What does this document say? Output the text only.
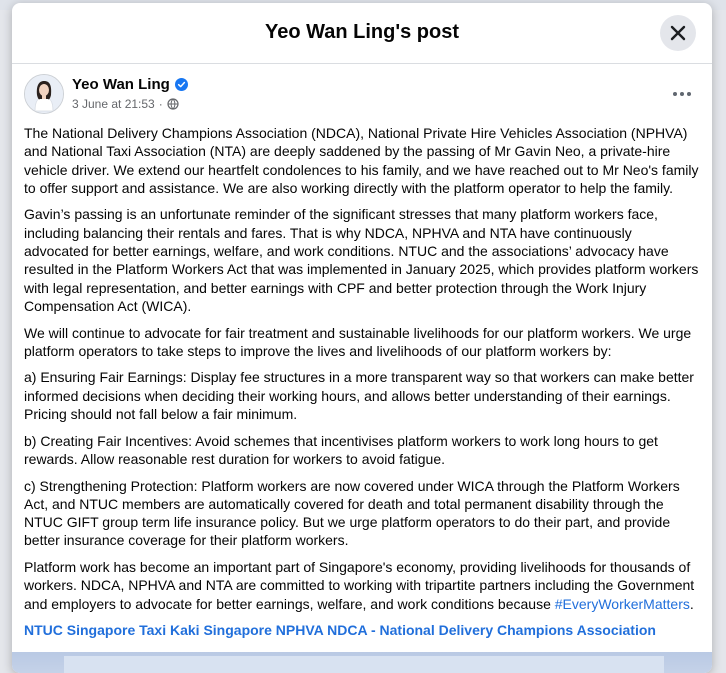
Yeo Wan Ling's post
Yeo Wan Ling
3 June at 21:53 ·

The National Delivery Champions Association (NDCA), National Private Hire Vehicles Association (NPHVA) and National Taxi Association (NTA) are deeply saddened by the passing of Mr Gavin Neo, a private-hire vehicle driver. We extend our heartfelt condolences to his family, and we have reached out to Mr Neo's family to offer support and assistance. We are also working directly with the platform operator to help the family.

Gavin’s passing is an unfortunate reminder of the significant stresses that many platform workers face, including balancing their rentals and fares. That is why NDCA, NPHVA and NTA have continuously advocated for better earnings, welfare, and work conditions. NTUC and the associations’ advocacy have resulted in the Platform Workers Act that was implemented in January 2025, which provides platform workers with legal representation, and better earnings with CPF and better protection through the Work Injury Compensation Act (WICA).

We will continue to advocate for fair treatment and sustainable livelihoods for our platform workers. We urge platform operators to take steps to improve the lives and livelihoods of our platform workers by:

a) Ensuring Fair Earnings: Display fee structures in a more transparent way so that workers can make better informed decisions when deciding their working hours, and allows better understanding of their earnings. Pricing should not fall below a fair minimum.

b) Creating Fair Incentives: Avoid schemes that incentivises platform workers to work long hours to get rewards. Allow reasonable rest duration for workers to avoid fatigue.

c) Strengthening Protection: Platform workers are now covered under WICA through the Platform Workers Act, and NTUC members are automatically covered for death and total permanent disability through the NTUC GIFT group term life insurance policy. But we urge platform operators to do their part, and provide better insurance coverage for their platform workers.

Platform work has become an important part of Singapore's economy, providing livelihoods for thousands of workers. NDCA, NPHVA and NTA are committed to working with tripartite partners including the Government and employers to advocate for better earnings, welfare, and work conditions because #EveryWorkerMatters.

NTUC Singapore Taxi Kaki Singapore NPHVA NDCA - National Delivery Champions Association
